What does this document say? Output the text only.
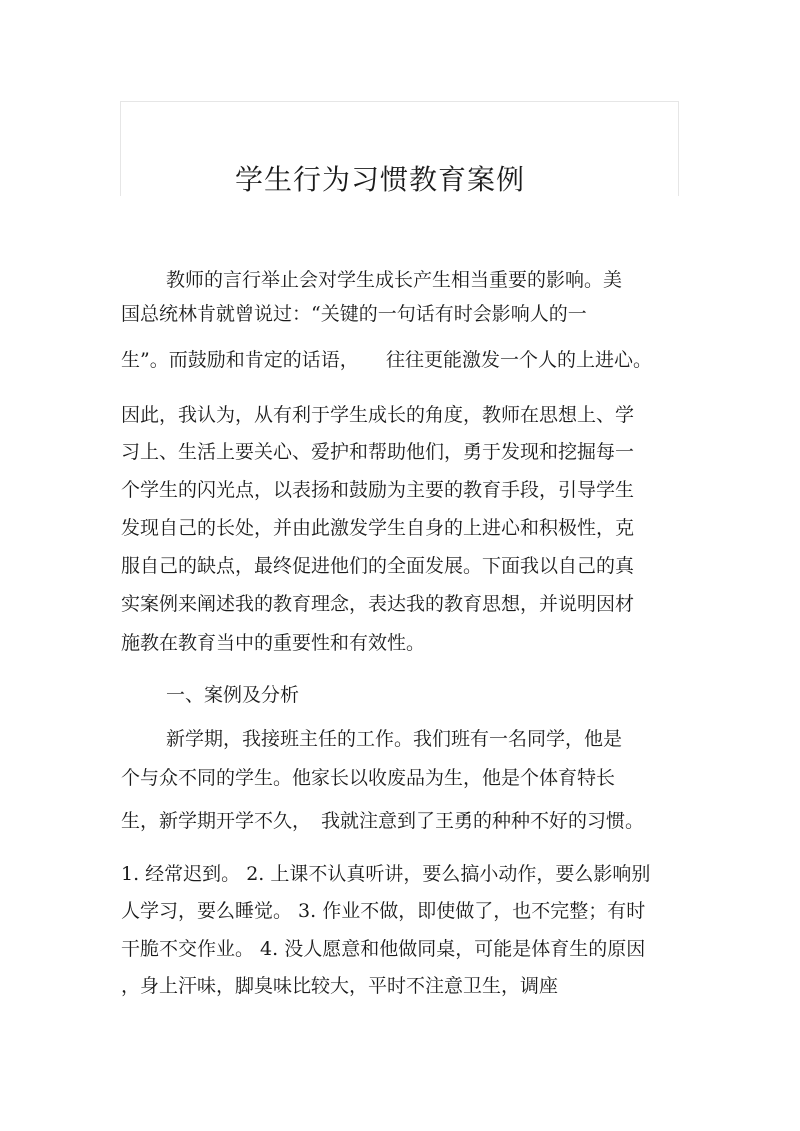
学生行为习惯教育案例
教师的言行举止会对学生成长产生相当重要的影响。美
国总统林肯就曾说过：“关键的一句话有时会影响人的一
生”。而鼓励和肯定的话语， 往往更能激发一个人的上进心。
因此，我认为，从有利于学生成长的角度，教师在思想上、学
习上、生活上要关心、爱护和帮助他们，勇于发现和挖掘每一
个学生的闪光点，以表扬和鼓励为主要的教育手段，引导学生
发现自己的长处，并由此激发学生自身的上进心和积极性，克
服自己的缺点，最终促进他们的全面发展。下面我以自己的真
实案例来阐述我的教育理念，表达我的教育思想，并说明因材
施教在教育当中的重要性和有效性。
一、案例及分析
新学期，我接班主任的工作。我们班有一名同学，他是
个与众不同的学生。他家长以收废品为生，他是个体育特长
生，新学期开学不久， 我就注意到了王勇的种种不好的习惯。
1. 经常迟到。 2. 上课不认真听讲，要么搞小动作，要么影响别
人学习，要么睡觉。 3. 作业不做，即使做了，也不完整；有时
干脆不交作业。 4. 没人愿意和他做同桌，可能是体育生的原因
，身上汗味，脚臭味比较大，平时不注意卫生，调座
